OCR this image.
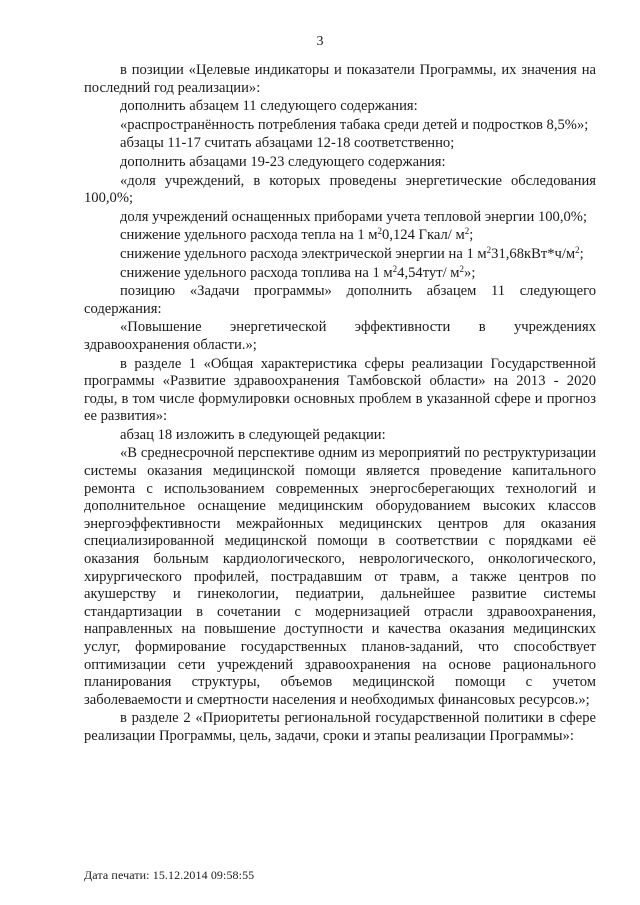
3

в позиции «Целевые индикаторы и показатели Программы, их значения на последний год реализации»:

дополнить абзацем 11 следующего содержания:

«распространённость потребления табака среди детей и подростков 8,5%»;

абзацы 11-17 считать абзацами 12-18 соответственно;

дополнить абзацами 19-23 следующего содержания:

«доля учреждений, в которых проведены энергетические обследования 100,0%;

доля учреждений оснащенных приборами учета тепловой энергии 100,0%;

снижение удельного расхода тепла на 1 $м^20,124$ Гкал/ $м^2$;

снижение удельного расхода электрической энергии на 1 $м^231,68кВт*ч/м^2$;

снижение удельного расхода топлива на 1 $м^24,54тут/$ $м^2$»;

позицию «Задачи программы» дополнить абзацем 11 следующего содержания:

«Повышение энергетической эффективности в учреждениях здравоохранения области.»;

в разделе 1 «Общая характеристика сферы реализации Государственной программы «Развитие здравоохранения Тамбовской области» на 2013 - 2020 годы, в том числе формулировки основных проблем в указанной сфере и прогноз ее развития»:

абзац 18 изложить в следующей редакции:

«В среднесрочной перспективе одним из мероприятий по реструктуризации системы оказания медицинской помощи является проведение капитального ремонта с использованием современных энергосберегающих технологий и дополнительное оснащение медицинским оборудованием высоких классов энергоэффективности межрайонных медицинских центров для оказания специализированной медицинской помощи в соответствии с порядками её оказания больным кардиологического, неврологического, онкологического, хирургического профилей, пострадавшим от травм, а также центров по акушерству и гинекологии, педиатрии, дальнейшее развитие системы стандартизации в сочетании с модернизацией отрасли здравоохранения, направленных на повышение доступности и качества оказания медицинских услуг, формирование государственных планов-заданий, что способствует оптимизации сети учреждений здравоохранения на основе рационального планирования структуры, объемов медицинской помощи с учетом заболеваемости и смертности населения и необходимых финансовых ресурсов.»;

в разделе 2 «Приоритеты региональной государственной политики в сфере реализации Программы, цель, задачи, сроки и этапы реализации Программы»:

Дата печати: 15.12.2014 09:58:55
